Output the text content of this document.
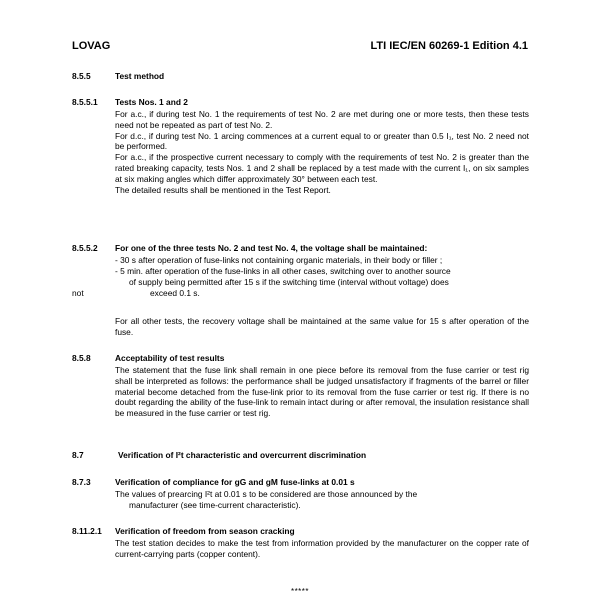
LOVAG	LTI IEC/EN 60269-1 Edition 4.1
8.5.5	Test method
8.5.5.1 Tests Nos. 1 and 2

For a.c., if during test No. 1 the requirements of test No. 2 are met during one or more tests, then these tests need not be repeated as part of test No. 2.

For d.c., if during test No. 1 arcing commences at a current equal to or greater than 0.5 I₁, test No. 2 need not be performed.

For a.c., if the prospective current necessary to comply with the requirements of test No. 2 is greater than the rated breaking capacity, tests Nos. 1 and 2 shall be replaced by a test made with the current I₁, on six samples at six making angles which differ approximately 30° between each test.

The detailed results shall be mentioned in the Test Report.

8.5.5.2 For one of the three tests No. 2 and test No. 4, the voltage shall be maintained:
- 30 s after operation of fuse-links not containing organic materials, in their body or filler ;
- 5 min. after operation of the fuse-links in all other cases, switching over to another source
of supply being permitted after 15 s if the switching time (interval without voltage) does
not	exceed 0.1 s.

For all other tests, the recovery voltage shall be maintained at the same value for 15 s after operation of the fuse.

8.5.8	Acceptability of test results

The statement that the fuse link shall remain in one piece before its removal from the fuse carrier or test rig shall be interpreted as follows: the performance shall be judged unsatisfactory if fragments of the barrel or filler material become detached from the fuse-link prior to its removal from the fuse carrier or test rig. If there is no doubt regarding the ability of the fuse-link to remain intact during or after removal, the insulation resistance shall be measured in the fuse carrier or test rig.

8.7	Verification of I²t characteristic and overcurrent discrimination
8.7.3	Verification of compliance for gG and gM fuse-links at 0.01 s
The values of prearcing I²t at 0.01 s to be considered are those announced by the
manufacturer (see time-current characteristic).
8.11.2.1 Verification of freedom from season cracking

The test station decides to make the test from information provided by the manufacturer on the copper rate of current-carrying parts (copper content).

*****
